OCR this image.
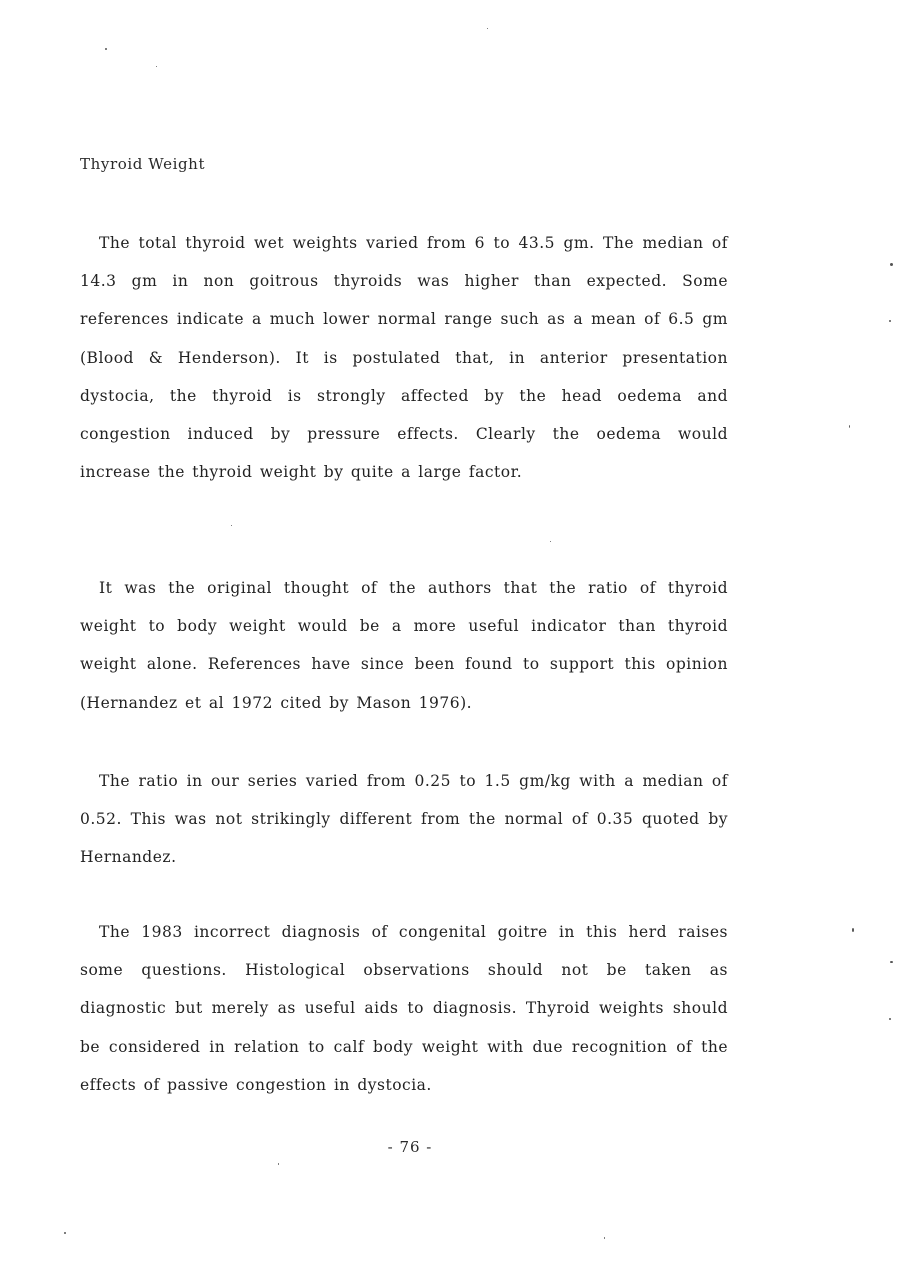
Thyroid Weight

The total thyroid wet weights varied from 6 to 43.5 gm. The median of 14.3 gm in non goitrous thyroids was higher than expected. Some references indicate a much lower normal range such as a mean of 6.5 gm (Blood & Henderson). It is postulated that, in anterior presentation dystocia, the thyroid is strongly affected by the head oedema and congestion induced by pressure effects. Clearly the oedema would increase the thyroid weight by quite a large factor.

It was the original thought of the authors that the ratio of thyroid weight to body weight would be a more useful indicator than thyroid weight alone. References have since been found to support this opinion (Hernandez et al 1972 cited by Mason 1976).

The ratio in our series varied from 0.25 to 1.5 gm/kg with a median of 0.52. This was not strikingly different from the normal of 0.35 quoted by Hernandez.

The 1983 incorrect diagnosis of congenital goitre in this herd raises some questions. Histological observations should not be taken as diagnostic but merely as useful aids to diagnosis. Thyroid weights should be considered in relation to calf body weight with due recognition of the effects of passive congestion in dystocia.

- 76 -
